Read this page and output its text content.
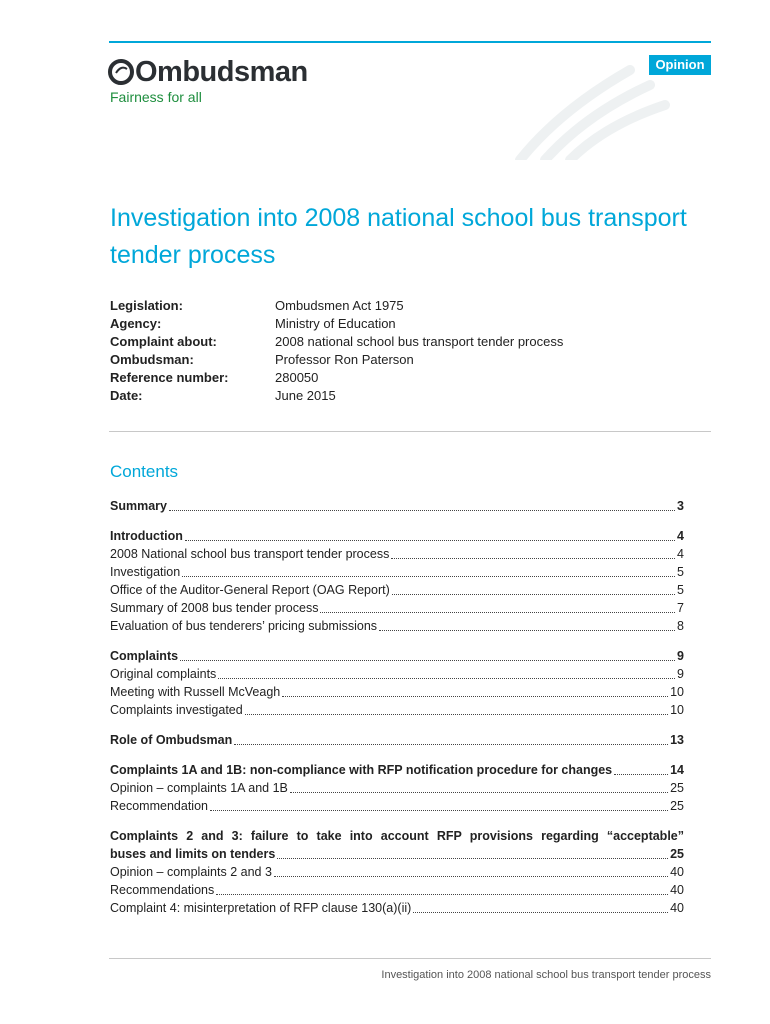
Ombudsman
Fairness for all
Opinion
Investigation into 2008 national school bus transport tender process
Legislation:	Ombudsmen Act 1975
Agency:	Ministry of Education
Complaint about:	2008 national school bus transport tender process
Ombudsman:	Professor Ron Paterson
Reference number:	280050
Date:	June 2015
Contents
Summary	3
Introduction	4
2008 National school bus transport tender process	4
Investigation	5
Office of the Auditor-General Report (OAG Report)	5
Summary of 2008 bus tender process	7
Evaluation of bus tenderers’ pricing submissions	8
Complaints	9
Original complaints	9
Meeting with Russell McVeagh	10
Complaints investigated	10
Role of Ombudsman	13
Complaints 1A and 1B: non-compliance with RFP notification procedure for changes	14
Opinion – complaints 1A and 1B	25
Recommendation	25
Complaints 2 and 3: failure to take into account RFP provisions regarding “acceptable”
buses and limits on tenders	25
Opinion – complaints 2 and 3	40
Recommendations	40
Complaint 4: misinterpretation of RFP clause 130(a)(ii)	40
Investigation into 2008 national school bus transport tender process
